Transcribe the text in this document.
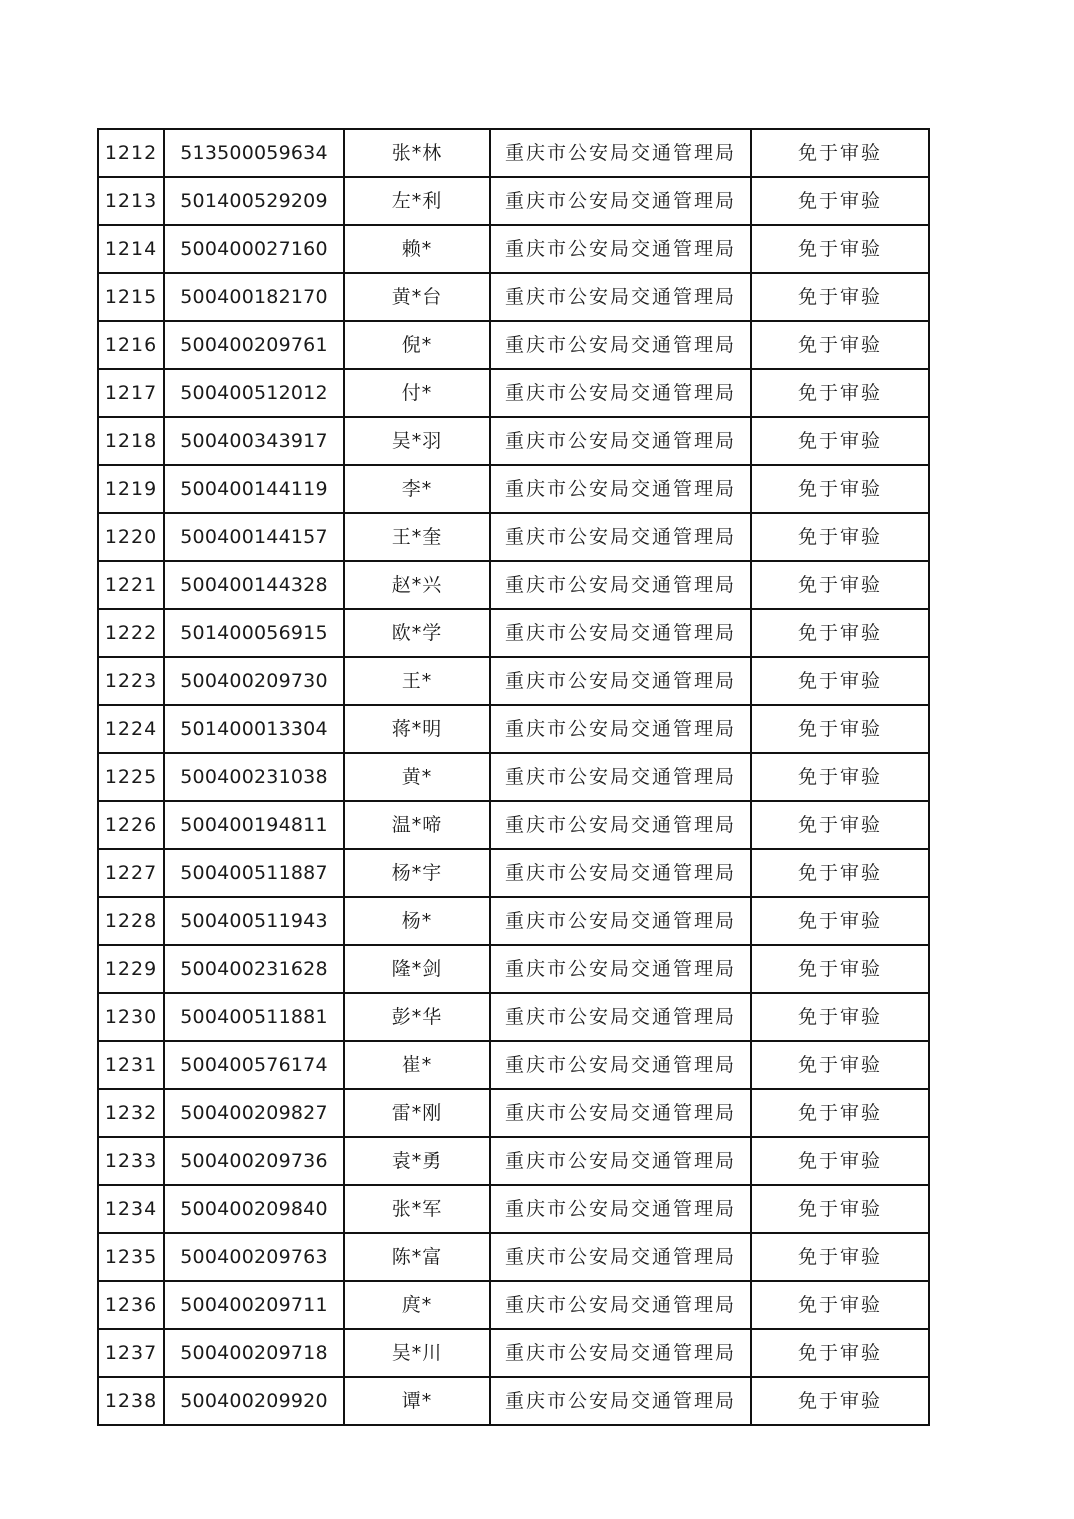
1212	513500059634	张*林	重庆市公安局交通管理局	免于审验
1213	501400529209	左*利	重庆市公安局交通管理局	免于审验
1214	500400027160	赖*	重庆市公安局交通管理局	免于审验
1215	500400182170	黄*台	重庆市公安局交通管理局	免于审验
1216	500400209761	倪*	重庆市公安局交通管理局	免于审验
1217	500400512012	付*	重庆市公安局交通管理局	免于审验
1218	500400343917	吴*羽	重庆市公安局交通管理局	免于审验
1219	500400144119	李*	重庆市公安局交通管理局	免于审验
1220	500400144157	王*奎	重庆市公安局交通管理局	免于审验
1221	500400144328	赵*兴	重庆市公安局交通管理局	免于审验
1222	501400056915	欧*学	重庆市公安局交通管理局	免于审验
1223	500400209730	王*	重庆市公安局交通管理局	免于审验
1224	501400013304	蒋*明	重庆市公安局交通管理局	免于审验
1225	500400231038	黄*	重庆市公安局交通管理局	免于审验
1226	500400194811	温*啼	重庆市公安局交通管理局	免于审验
1227	500400511887	杨*宇	重庆市公安局交通管理局	免于审验
1228	500400511943	杨*	重庆市公安局交通管理局	免于审验
1229	500400231628	隆*剑	重庆市公安局交通管理局	免于审验
1230	500400511881	彭*华	重庆市公安局交通管理局	免于审验
1231	500400576174	崔*	重庆市公安局交通管理局	免于审验
1232	500400209827	雷*刚	重庆市公安局交通管理局	免于审验
1233	500400209736	袁*勇	重庆市公安局交通管理局	免于审验
1234	500400209840	张*军	重庆市公安局交通管理局	免于审验
1235	500400209763	陈*富	重庆市公安局交通管理局	免于审验
1236	500400209711	庹*	重庆市公安局交通管理局	免于审验
1237	500400209718	吴*川	重庆市公安局交通管理局	免于审验
1238	500400209920	谭*	重庆市公安局交通管理局	免于审验
